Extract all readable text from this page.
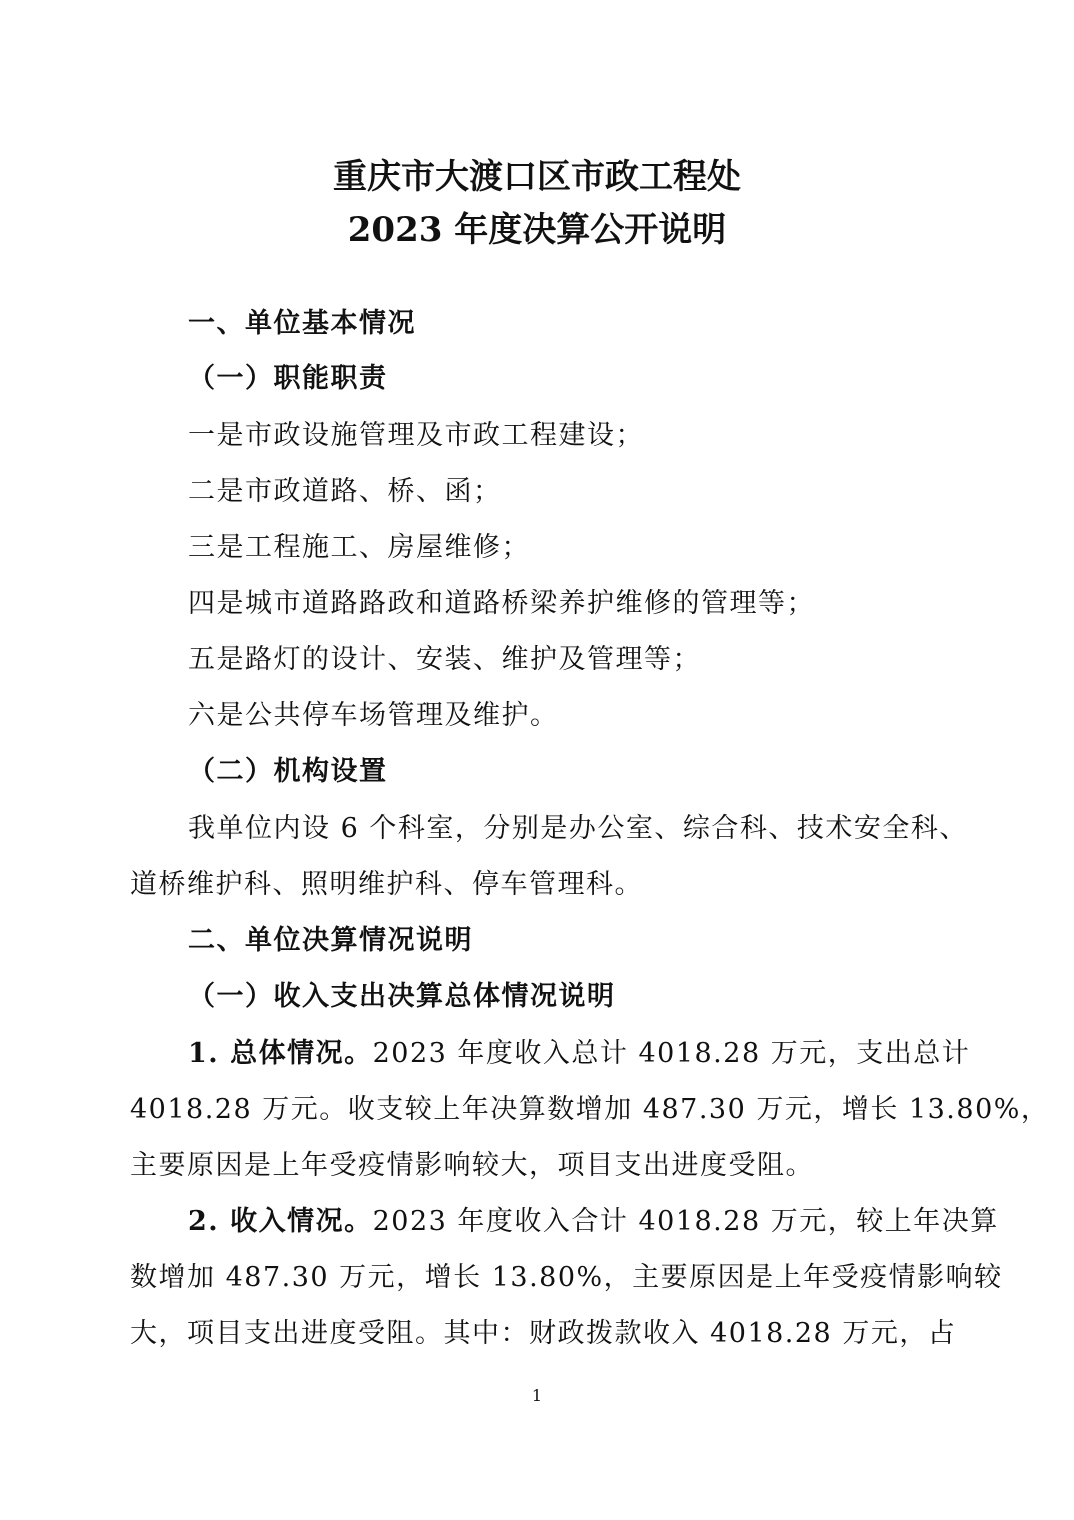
重庆市大渡口区市政工程处
2023 年度决算公开说明
一、单位基本情况
（一）职能职责
一是市政设施管理及市政工程建设；
二是市政道路、桥、函；
三是工程施工、房屋维修；
四是城市道路路政和道路桥梁养护维修的管理等；
五是路灯的设计、安装、维护及管理等；
六是公共停车场管理及维护。
（二）机构设置
我单位内设 6 个科室，分别是办公室、综合科、技术安全科、
道桥维护科、照明维护科、停车管理科。
二、单位决算情况说明
（一）收入支出决算总体情况说明
1. 总体情况。2023 年度收入总计 4018.28 万元，支出总计
4018.28 万元。收支较上年决算数增加 487.30 万元，增长 13.80%，
主要原因是上年受疫情影响较大，项目支出进度受阻。
2. 收入情况。2023 年度收入合计 4018.28 万元，较上年决算
数增加 487.30 万元，增长 13.80%，主要原因是上年受疫情影响较
大，项目支出进度受阻。其中：财政拨款收入 4018.28 万元，占
1
